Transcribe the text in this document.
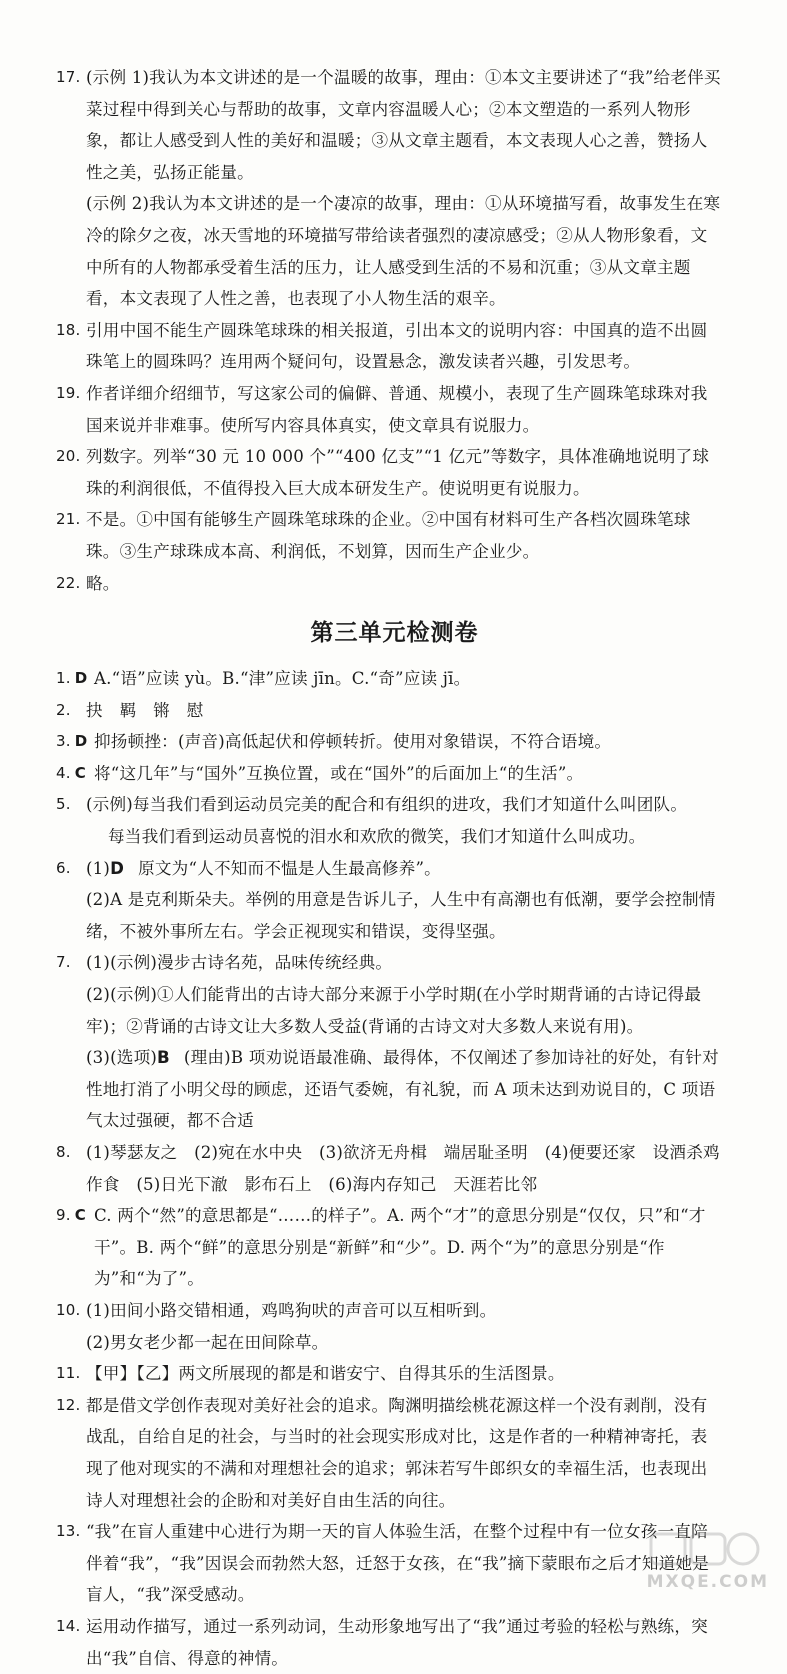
17. (示例 1)我认为本文讲述的是一个温暖的故事，理由：①本文主要讲述了“我”给老伴买菜过程中得到关心与帮助的故事，文章内容温暖人心；②本文塑造的一系列人物形象，都让人感受到人性的美好和温暖；③从文章主题看，本文表现人心之善，赞扬人性之美，弘扬正能量。

(示例 2)我认为本文讲述的是一个凄凉的故事，理由：①从环境描写看，故事发生在寒冷的除夕之夜，冰天雪地的环境描写带给读者强烈的凄凉感受；②从人物形象看，文中所有的人物都承受着生活的压力，让人感受到生活的不易和沉重；③从文章主题看，本文表现了人性之善，也表现了小人物生活的艰辛。

18. 引用中国不能生产圆珠笔球珠的相关报道，引出本文的说明内容：中国真的造不出圆珠笔上的圆珠吗？连用两个疑问句，设置悬念，激发读者兴趣，引发思考。

19. 作者详细介绍细节，写这家公司的偏僻、普通、规模小，表现了生产圆珠笔球珠对我国来说并非难事。使所写内容具体真实，使文章具有说服力。

20. 列数字。列举“30 元 10 000 个”“400 亿支”“1 亿元”等数字，具体准确地说明了球珠的利润很低，不值得投入巨大成本研发生产。使说明更有说服力。

21. 不是。①中国有能够生产圆珠笔球珠的企业。②中国有材料可生产各档次圆珠笔球珠。③生产球珠成本高、利润低，不划算，因而生产企业少。

22. 略。

第三单元检测卷
1. D A.“语”应读 yù。B.“津”应读 jīn。C.“奇”应读 jī。

2. 抉　羁　锵　慰

3. D 抑扬顿挫：(声音)高低起伏和停顿转折。使用对象错误，不符合语境。

4. C 将“这几年”与“国外”互换位置，或在“国外”的后面加上“的生活”。

5. (示例)每当我们看到运动员完美的配合和有组织的进攻，我们才知道什么叫团队。

每当我们看到运动员喜悦的泪水和欢欣的微笑，我们才知道什么叫成功。

6. (1)D 原文为“人不知而不愠是人生最高修养”。

(2)A 是克利斯朵夫。举例的用意是告诉儿子，人生中有高潮也有低潮，要学会控制情绪，不被外事所左右。学会正视现实和错误，变得坚强。

7. (1)(示例)漫步古诗名苑，品味传统经典。

(2)(示例)①人们能背出的古诗大部分来源于小学时期(在小学时期背诵的古诗记得最牢)；②背诵的古诗文让大多数人受益(背诵的古诗文对大多数人来说有用)。

(3)(选项)B (理由)B 项劝说语最准确、最得体，不仅阐述了参加诗社的好处，有针对性地打消了小明父母的顾虑，还语气委婉，有礼貌，而 A 项未达到劝说目的，C 项语气太过强硬，都不合适

8. (1)琴瑟友之　(2)宛在水中央　(3)欲济无舟楫　端居耻圣明　(4)便要还家　设酒杀鸡作食　(5)日光下澈　影布石上　(6)海内存知己　天涯若比邻

9. C C. 两个“然”的意思都是“……的样子”。A. 两个“才”的意思分别是“仅仅，只”和“才干”。B. 两个“鲜”的意思分别是“新鲜”和“少”。D. 两个“为”的意思分别是“作为”和“为了”。

10. (1)田间小路交错相通，鸡鸣狗吠的声音可以互相听到。

(2)男女老少都一起在田间除草。

11. 【甲】【乙】两文所展现的都是和谐安宁、自得其乐的生活图景。

12. 都是借文学创作表现对美好社会的追求。陶渊明描绘桃花源这样一个没有剥削，没有战乱，自给自足的社会，与当时的社会现实形成对比，这是作者的一种精神寄托，表现了他对现实的不满和对理想社会的追求；郭沫若写牛郎织女的幸福生活，也表现出诗人对理想社会的企盼和对美好自由生活的向往。

13. “我”在盲人重建中心进行为期一天的盲人体验生活，在整个过程中有一位女孩一直陪伴着“我”，“我”因误会而勃然大怒，迁怒于女孩，在“我”摘下蒙眼布之后才知道她是盲人，“我”深受感动。

14. 运用动作描写，通过一系列动词，生动形象地写出了“我”通过考验的轻松与熟练，突出“我”自信、得意的神情。

MXQE.COM
